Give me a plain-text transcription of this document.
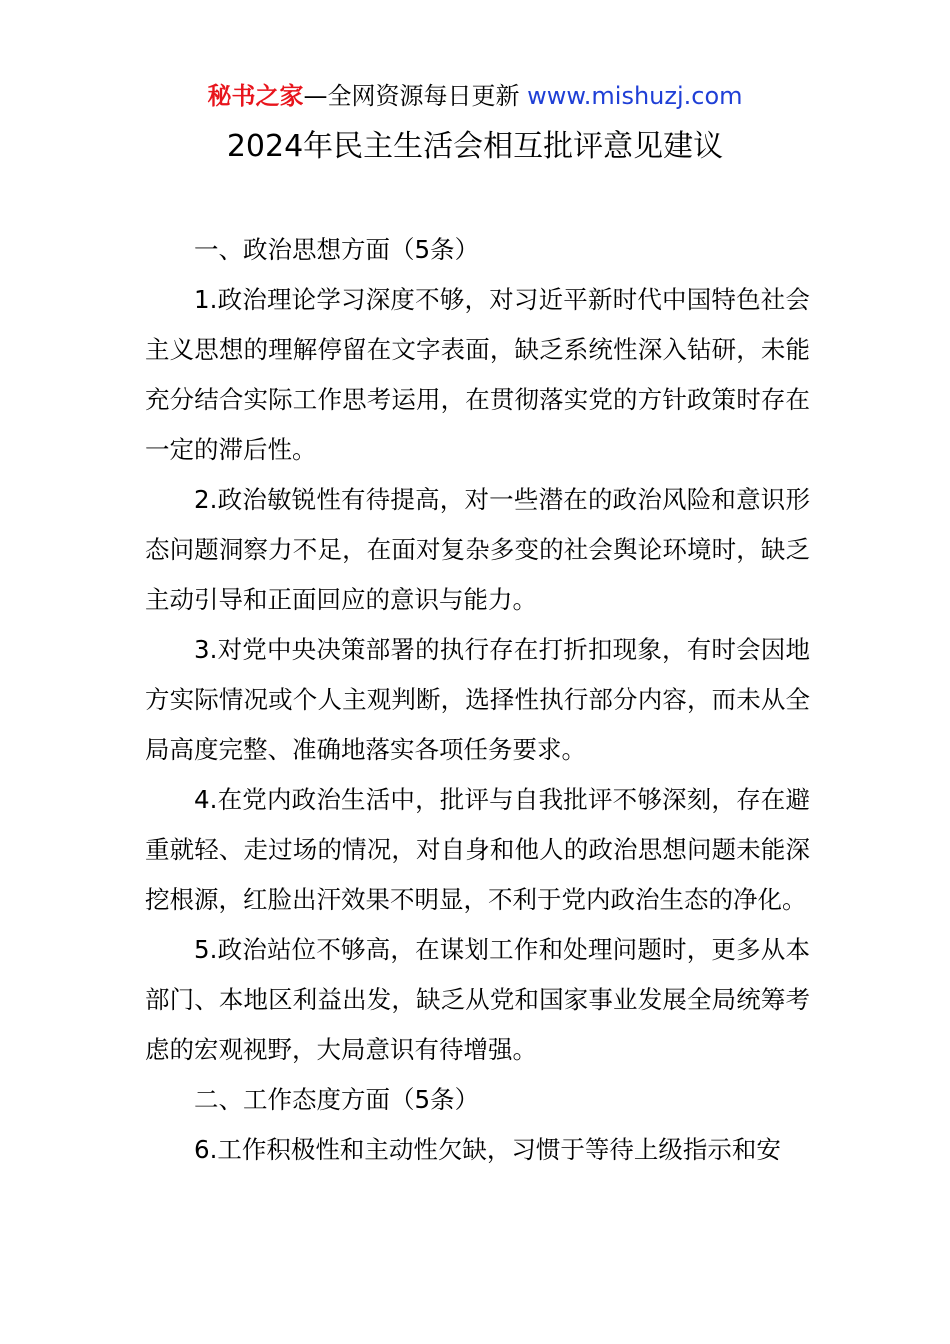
秘书之家—全网资源每日更新 www.mishuzj.com
2024年民主生活会相互批评意见建议

一、政治思想方面（5条）

1.政治理论学习深度不够，对习近平新时代中国特色社会主义思想的理解停留在文字表面，缺乏系统性深入钻研，未能充分结合实际工作思考运用，在贯彻落实党的方针政策时存在一定的滞后性。

2.政治敏锐性有待提高，对一些潜在的政治风险和意识形态问题洞察力不足，在面对复杂多变的社会舆论环境时，缺乏主动引导和正面回应的意识与能力。

3.对党中央决策部署的执行存在打折扣现象，有时会因地方实际情况或个人主观判断，选择性执行部分内容，而未从全局高度完整、准确地落实各项任务要求。

4.在党内政治生活中，批评与自我批评不够深刻，存在避重就轻、走过场的情况，对自身和他人的政治思想问题未能深挖根源，红脸出汗效果不明显，不利于党内政治生态的净化。

5.政治站位不够高，在谋划工作和处理问题时，更多从本部门、本地区利益出发，缺乏从党和国家事业发展全局统筹考虑的宏观视野，大局意识有待增强。

二、工作态度方面（5条）

6.工作积极性和主动性欠缺，习惯于等待上级指示和安
